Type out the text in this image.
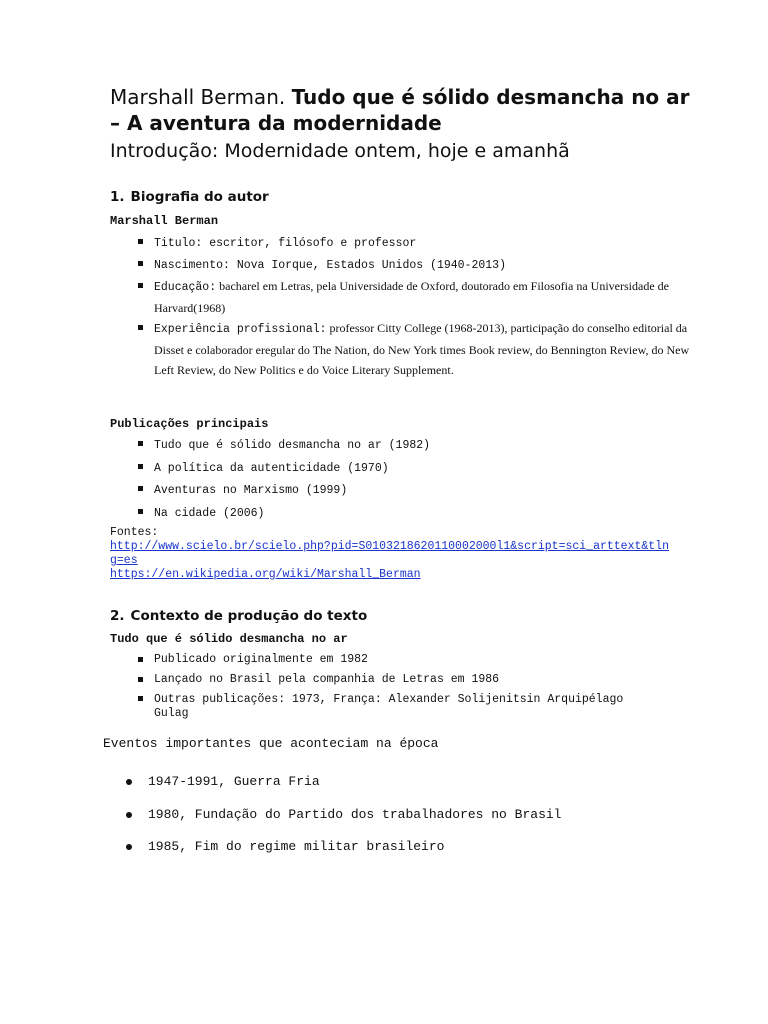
Marshall Berman. Tudo que é sólido desmancha no ar
– A aventura da modernidade
Introdução: Modernidade ontem, hoje e amanhã
1. Biografia do autor
Marshall Berman
Titulo: escritor, filósofo e professor
Nascimento: Nova Iorque, Estados Unidos (1940-2013)
Educação: bacharel em Letras, pela Universidade de Oxford, doutorado em Filosofia na Universidade de Harvard(1968)
Experiência profissional: professor Citty College (1968-2013), participação do conselho editorial da Disset e colaborador eregular do The Nation, do New York times Book review, do Bennington Review, do New Left Review, do New Politics e do Voice Literary Supplement.
Publicações principais
Tudo que é sólido desmancha no ar (1982)
A política da autenticidade (1970)
Aventuras no Marxismo (1999)
Na cidade (2006)
Fontes:
http://www.scielo.br/scielo.php?pid=S0103218620110002000l1&script=sci_arttext&tlng=es
https://en.wikipedia.org/wiki/Marshall_Berman
2. Contexto de produção do texto
Tudo que é sólido desmancha no ar
Publicado originalmente em 1982
Lançado no Brasil pela companhia de Letras em 1986
Outras publicações: 1973, França: Alexander Solijenitsin Arquipélago Gulag
Eventos importantes que aconteciam na época
1947-1991, Guerra Fria
1980, Fundação do Partido dos trabalhadores no Brasil
1985, Fim do regime militar brasileiro
